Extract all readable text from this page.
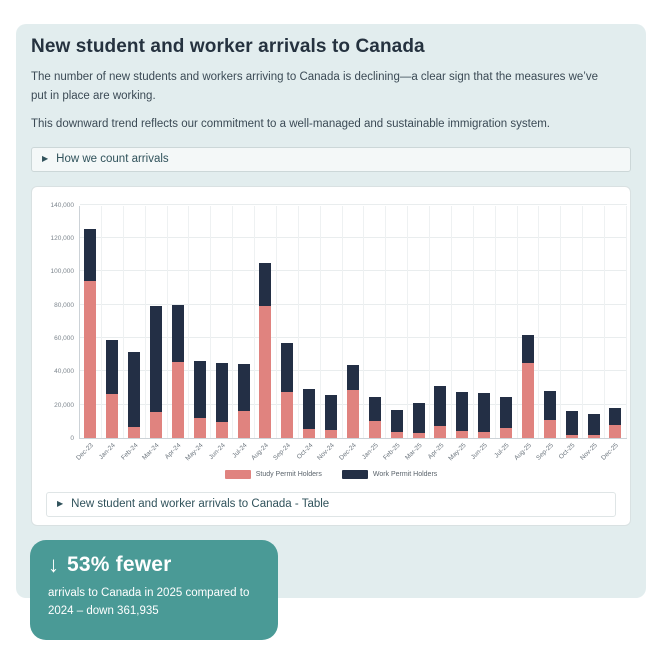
New student and worker arrivals to Canada

The number of new students and workers arriving to Canada is declining—a clear sign that the measures we’ve put in place are working.

This downward trend reflects our commitment to a well-managed and sustainable immigration system.

▶ How we count arrivals
0
20,000
40,000
60,000
80,000
100,000
120,000
140,000
Dec-23 Jan-24 Feb-24 Mar-24 Apr-24 May-24 Jun-24 Jul-24 Aug-24 Sep-24 Oct-24 Nov-24 Dec-24 Jan-25 Feb-25 Mar-25 Apr-25 May-25 Jun-25 Jul-25 Aug-25 Sep-25 Oct-25 Nov-25 Dec-25
Study Permit Holders	Work Permit Holders
▶ New student and worker arrivals to Canada - Table
↓ 53% fewer
arrivals to Canada in 2025 compared to 2024 – down 361,935
